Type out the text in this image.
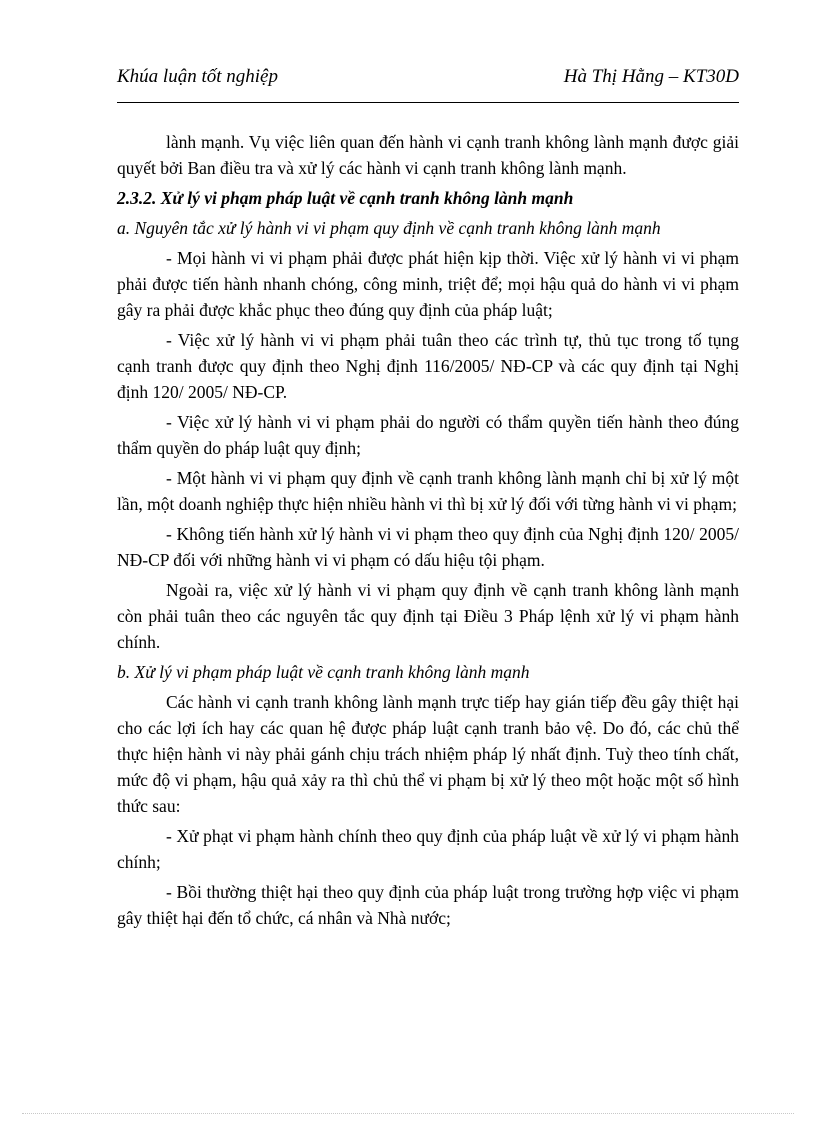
Khúa luận tốt nghiệp	Hà Thị Hằng – KT30D

lành mạnh. Vụ việc liên quan đến hành vi cạnh tranh không lành mạnh được giải quyết bởi Ban điều tra và xử lý các hành vi cạnh tranh không lành mạnh.

2.3.2. Xử lý vi phạm pháp luật về cạnh tranh không lành mạnh
a. Nguyên tắc xử lý hành vi vi phạm quy định về cạnh tranh không lành mạnh

- Mọi hành vi vi phạm phải được phát hiện kịp thời. Việc xử lý hành vi vi phạm phải được tiến hành nhanh chóng, công minh, triệt để; mọi hậu quả do hành vi vi phạm gây ra phải được khắc phục theo đúng quy định của pháp luật;

- Việc xử lý hành vi vi phạm phải tuân theo các trình tự, thủ tục trong tố tụng cạnh tranh được quy định theo Nghị định 116/2005/ NĐ-CP và các quy định tại Nghị định 120/ 2005/ NĐ-CP.

- Việc xử lý hành vi vi phạm phải do người có thẩm quyền tiến hành theo đúng thẩm quyền do pháp luật quy định;

- Một hành vi vi phạm quy định về cạnh tranh không lành mạnh chỉ bị xử lý một lần, một doanh nghiệp thực hiện nhiều hành vi thì bị xử lý đối với từng hành vi vi phạm;

- Không tiến hành xử lý hành vi vi phạm theo quy định của Nghị định 120/ 2005/ NĐ-CP đối với những hành vi vi phạm có dấu hiệu tội phạm.

Ngoài ra, việc xử lý hành vi vi phạm quy định về cạnh tranh không lành mạnh còn phải tuân theo các nguyên tắc quy định tại Điều 3 Pháp lệnh xử lý vi phạm hành chính.

b. Xử lý vi phạm pháp luật về cạnh tranh không lành mạnh

Các hành vi cạnh tranh không lành mạnh trực tiếp hay gián tiếp đều gây thiệt hại cho các lợi ích hay các quan hệ được pháp luật cạnh tranh bảo vệ. Do đó, các chủ thể thực hiện hành vi này phải gánh chịu trách nhiệm pháp lý nhất định. Tuỳ theo tính chất, mức độ vi phạm, hậu quả xảy ra thì chủ thể vi phạm bị xử lý theo một hoặc một số hình thức sau:

- Xử phạt vi phạm hành chính theo quy định của pháp luật về xử lý vi phạm hành chính;

- Bồi thường thiệt hại theo quy định của pháp luật trong trường hợp việc vi phạm gây thiệt hại đến tổ chức, cá nhân và Nhà nước;
